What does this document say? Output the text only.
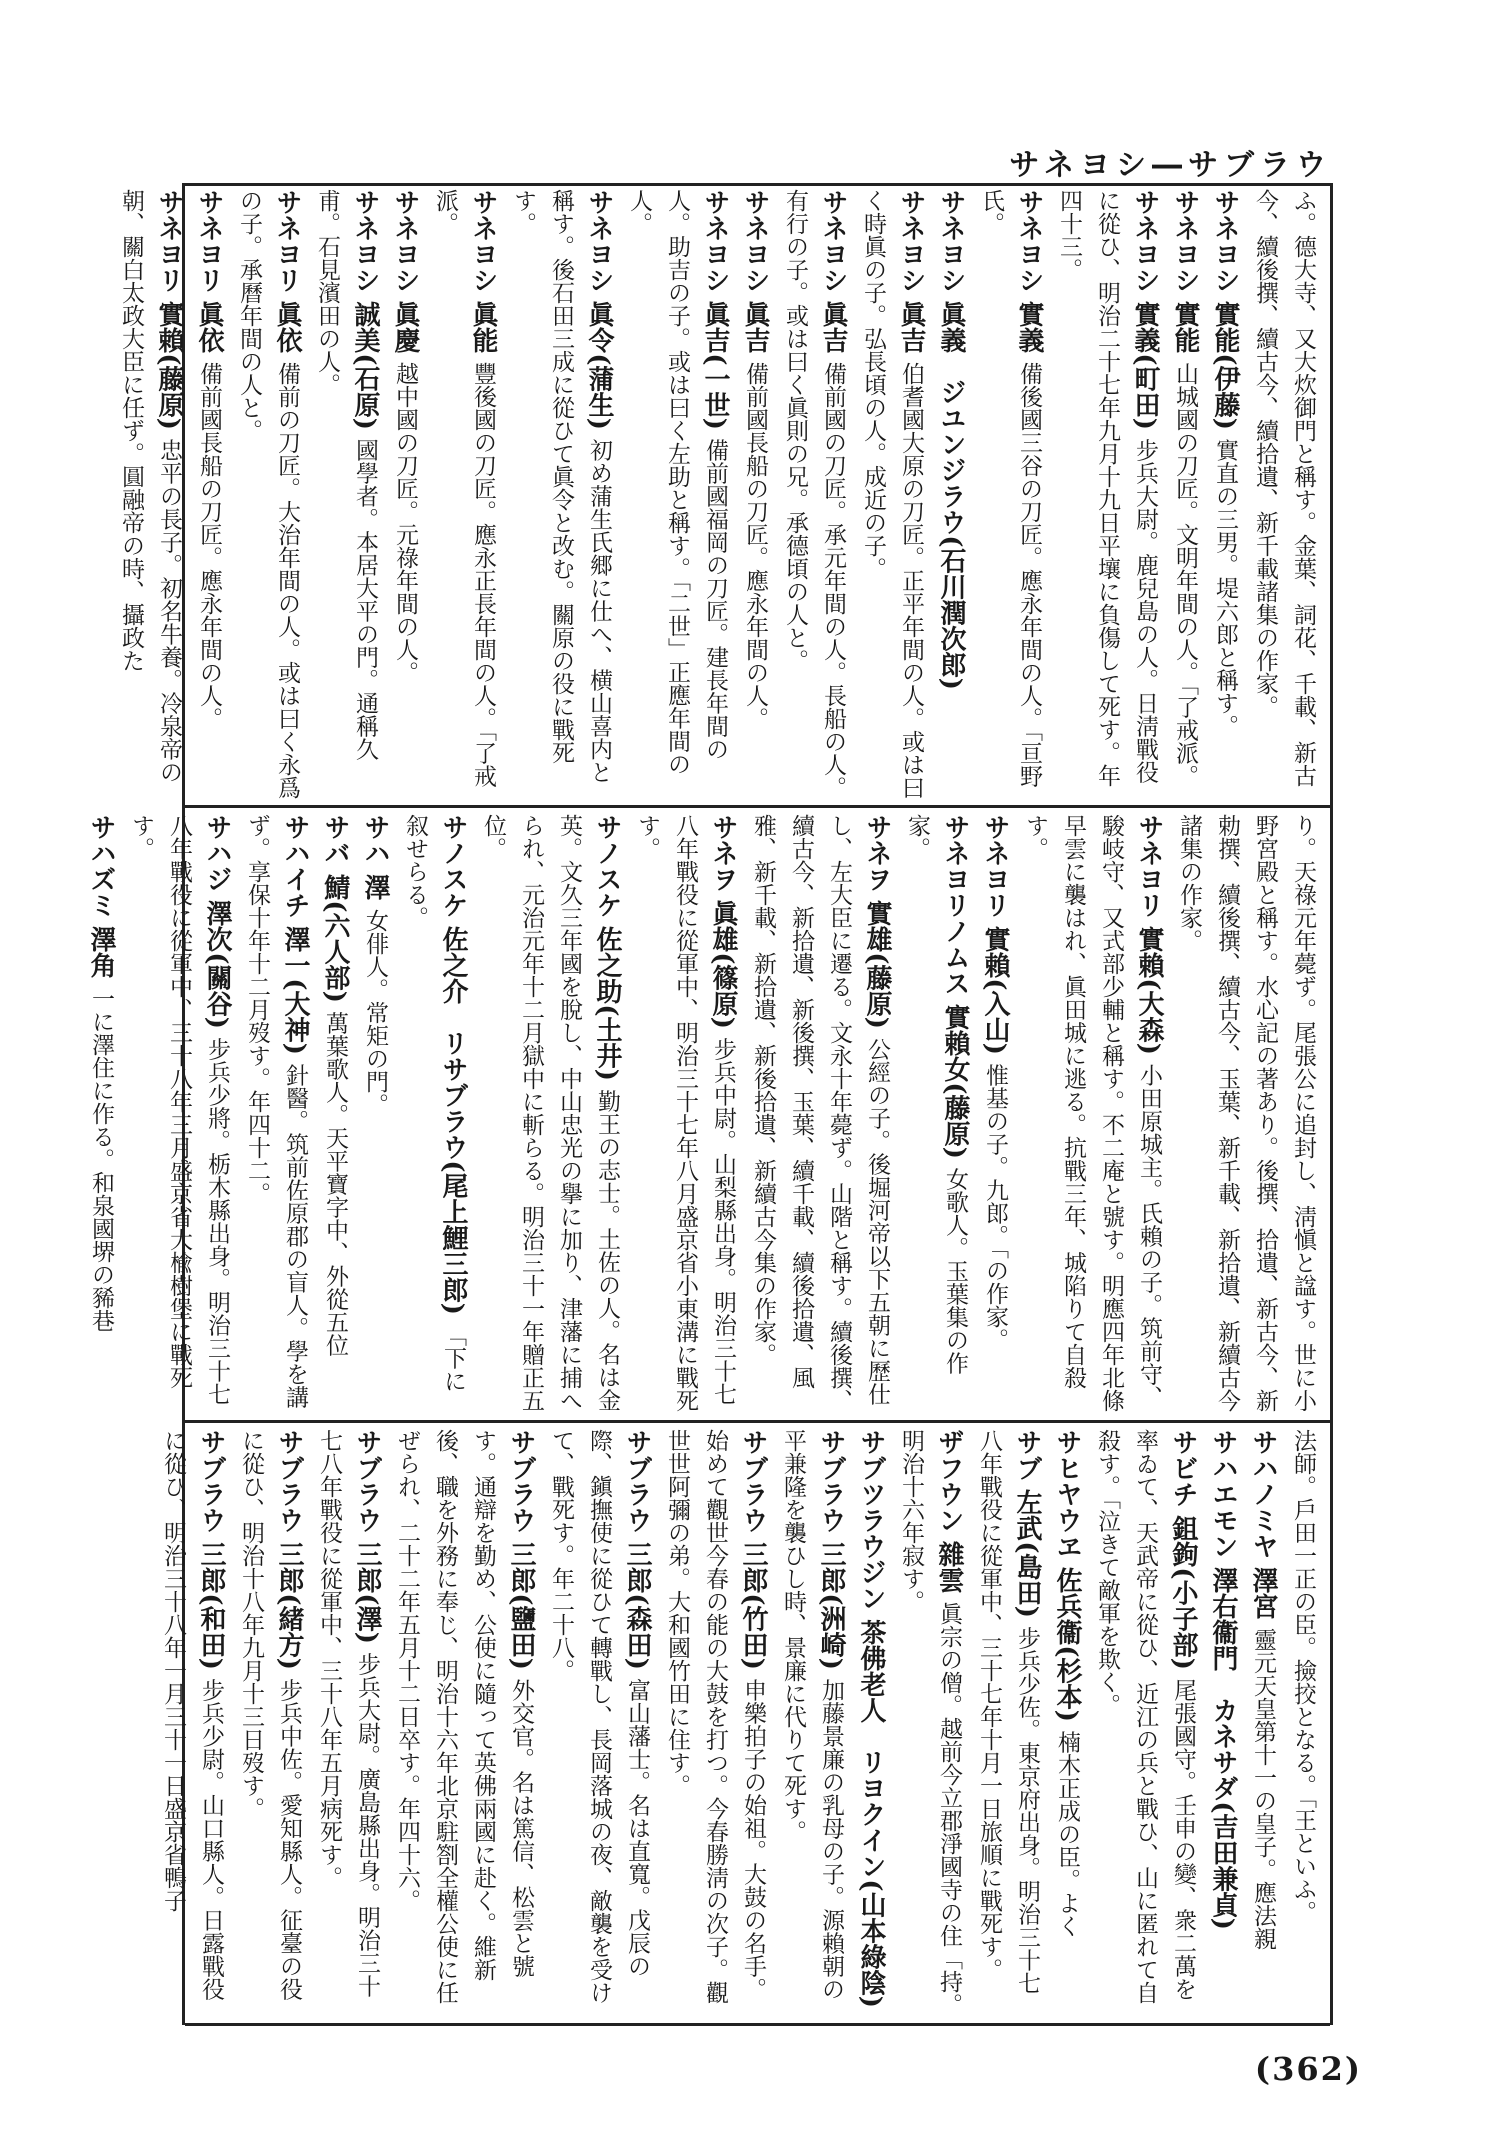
サネヨシ―サブラウ

ふ。德大寺、又大炊御門と稱す。金葉、詞花、千載、新古今、續後撰、續古今、續拾遺、新千載諸集の作家。

サネヨシ 實能(伊藤) 實直の三男。堤六郎と稱す。

サネヨシ 實能 山城國の刀匠。文明年間の人。「了戒派。

サネヨシ 實義(町田) 步兵大尉。鹿兒島の人。日淸戰役に從ひ、明治二十七年九月十九日平壤に負傷して死す。年四十三。

サネヨシ 實義 備後國三谷の刀匠。應永年間の人。「亘野氏。

サネヨシ 眞義　ジユンジラウ(石川潤次郎)

サネヨシ 眞吉 伯耆國大原の刀匠。正平年間の人。或は曰く時眞の子。弘長頃の人。成近の子。

サネヨシ 眞吉 備前國の刀匠。承元年間の人。長船の人。有行の子。或は曰く眞則の兄。承德頃の人と。

サネヨシ 眞吉 備前國長船の刀匠。應永年間の人。

サネヨシ 眞吉(一世) 備前國福岡の刀匠。建長年間の人。助吉の子。或は曰く左助と稱す。「二世」正應年間の人。

サネヨシ 眞令(蒲生) 初め蒲生氏郷に仕へ、横山喜内と稱す。後石田三成に從ひて眞令と改む。關原の役に戰死す。

サネヨシ 眞能 豐後國の刀匠。應永正長年間の人。「了戒派。

サネヨシ 眞慶 越中國の刀匠。元祿年間の人。

サネヨシ 誠美(石原) 國學者。本居大平の門。通稱久甫。石見濱田の人。

サネヨリ 眞依 備前の刀匠。大治年間の人。或は曰く永爲の子。承曆年間の人と。

サネヨリ 眞依 備前國長船の刀匠。應永年間の人。

サネヨリ 實賴(藤原) 忠平の長子。初名牛養。冷泉帝の朝、關白太政大臣に任ず。圓融帝の時、攝政た

り。天祿元年薨ず。尾張公に追封し、淸愼と諡す。世に小野宮殿と稱す。水心記の著あり。後撰、拾遺、新古今、新勅撰、續後撰、續古今、玉葉、新千載、新拾遺、新續古今諸集の作家。

サネヨリ 實賴(大森) 小田原城主。氏賴の子。筑前守、駿岐守、又式部少輔と稱す。不二庵と號す。明應四年北條早雲に襲はれ、眞田城に逃る。抗戰三年、城陷りて自殺す。

サネヨリ 實賴(入山) 惟基の子。九郎。「の作家。

サネヨリノムス 實賴女(藤原) 女歌人。玉葉集の作家。

サネヲ 實雄(藤原) 公經の子。後堀河帝以下五朝に歷仕し、左大臣に遷る。文永十年薨ず。山階と稱す。續後撰、續古今、新拾遺、新後撰、玉葉、續千載、續後拾遺、風雅、新千載、新拾遺、新後拾遺、新續古今集の作家。

サネヲ 眞雄(篠原) 步兵中尉。山梨縣出身。明治三十七八年戰役に從軍中、明治三十七年八月盛京省小東溝に戰死す。

サノスケ 佐之助(土井) 勤王の志士。土佐の人。名は金英。文久三年國を脫し、中山忠光の擧に加り、津藩に捕へられ、元治元年十二月獄中に斬らる。明治三十一年贈正五位。

サノスケ 佐之介　リサブラウ(尾上鯉三郎) 「下に叙せらる。

サハ 澤 女俳人。常矩の門。

サバ 鯖(六人部) 萬葉歌人。天平寶字中、外從五位

サハイチ 澤一(大神) 針醫。筑前佐原郡の盲人。學を講ず。享保十年十二月歿す。年四十二。

サハジ 澤次(關谷) 步兵少將。栃木縣出身。明治三十七八年戰役に從軍中、三十八年三月盛京省大楡樹堡に戰死す。

サハズミ 澤角 一に澤住に作る。和泉國堺の豨巷

法師。戶田一正の臣。撿挍となる。「王といふ。

サハノミヤ 澤宮 靈元天皇第十一の皇子。應法親

サハエモン 澤右衞門　カネサダ(吉田兼貞)

サビチ 鉏鉤(小子部) 尾張國守。壬申の變、衆二萬を率ゐて、天武帝に從ひ、近江の兵と戰ひ、山に匿れて自殺す。「泣きて敵軍を欺く。

サヒヤウヱ 佐兵衞(杉本) 楠木正成の臣。よく

サブ 左武(島田) 步兵少佐。東京府出身。明治三十七八年戰役に從軍中、三十七年十月一日旅順に戰死す。

ザフウン 雜雲 眞宗の僧。越前今立郡淨國寺の住「持。明治十六年寂す。

サブツラウジン 茶佛老人　リヨクイン(山本綠陰)

サブラウ 三郎(洲崎) 加藤景廉の乳母の子。源賴朝の平兼隆を襲ひし時、景廉に代りて死す。

サブラウ 三郎(竹田) 申樂拍子の始祖。大鼓の名手。始めて觀世今春の能の大鼓を打つ。今春勝淸の次子。觀世世阿彌の弟。大和國竹田に住す。

サブラウ 三郎(森田) 富山藩士。名は直寬。戊辰の際、鎭撫使に從ひて轉戰し、長岡落城の夜、敵襲を受けて、戰死す。年二十八。

サブラウ 三郎(鹽田) 外交官。名は篤信、松雲と號す。通辯を勤め、公使に隨って英佛兩國に赴く。維新後、職を外務に奉じ、明治十六年北京駐劄全權公使に任ぜられ、二十二年五月十二日卒す。年四十六。

サブラウ 三郎(澤) 步兵大尉。廣島縣出身。明治三十七八年戰役に從軍中、三十八年五月病死す。

サブラウ 三郎(緒方) 步兵中佐。愛知縣人。征臺の役に從ひ、明治十八年九月十三日歿す。

サブラウ 三郎(和田) 步兵少尉。山口縣人。日露戰役に從ひ、明治三十八年一月三十一日盛京省鴨子

(362)
